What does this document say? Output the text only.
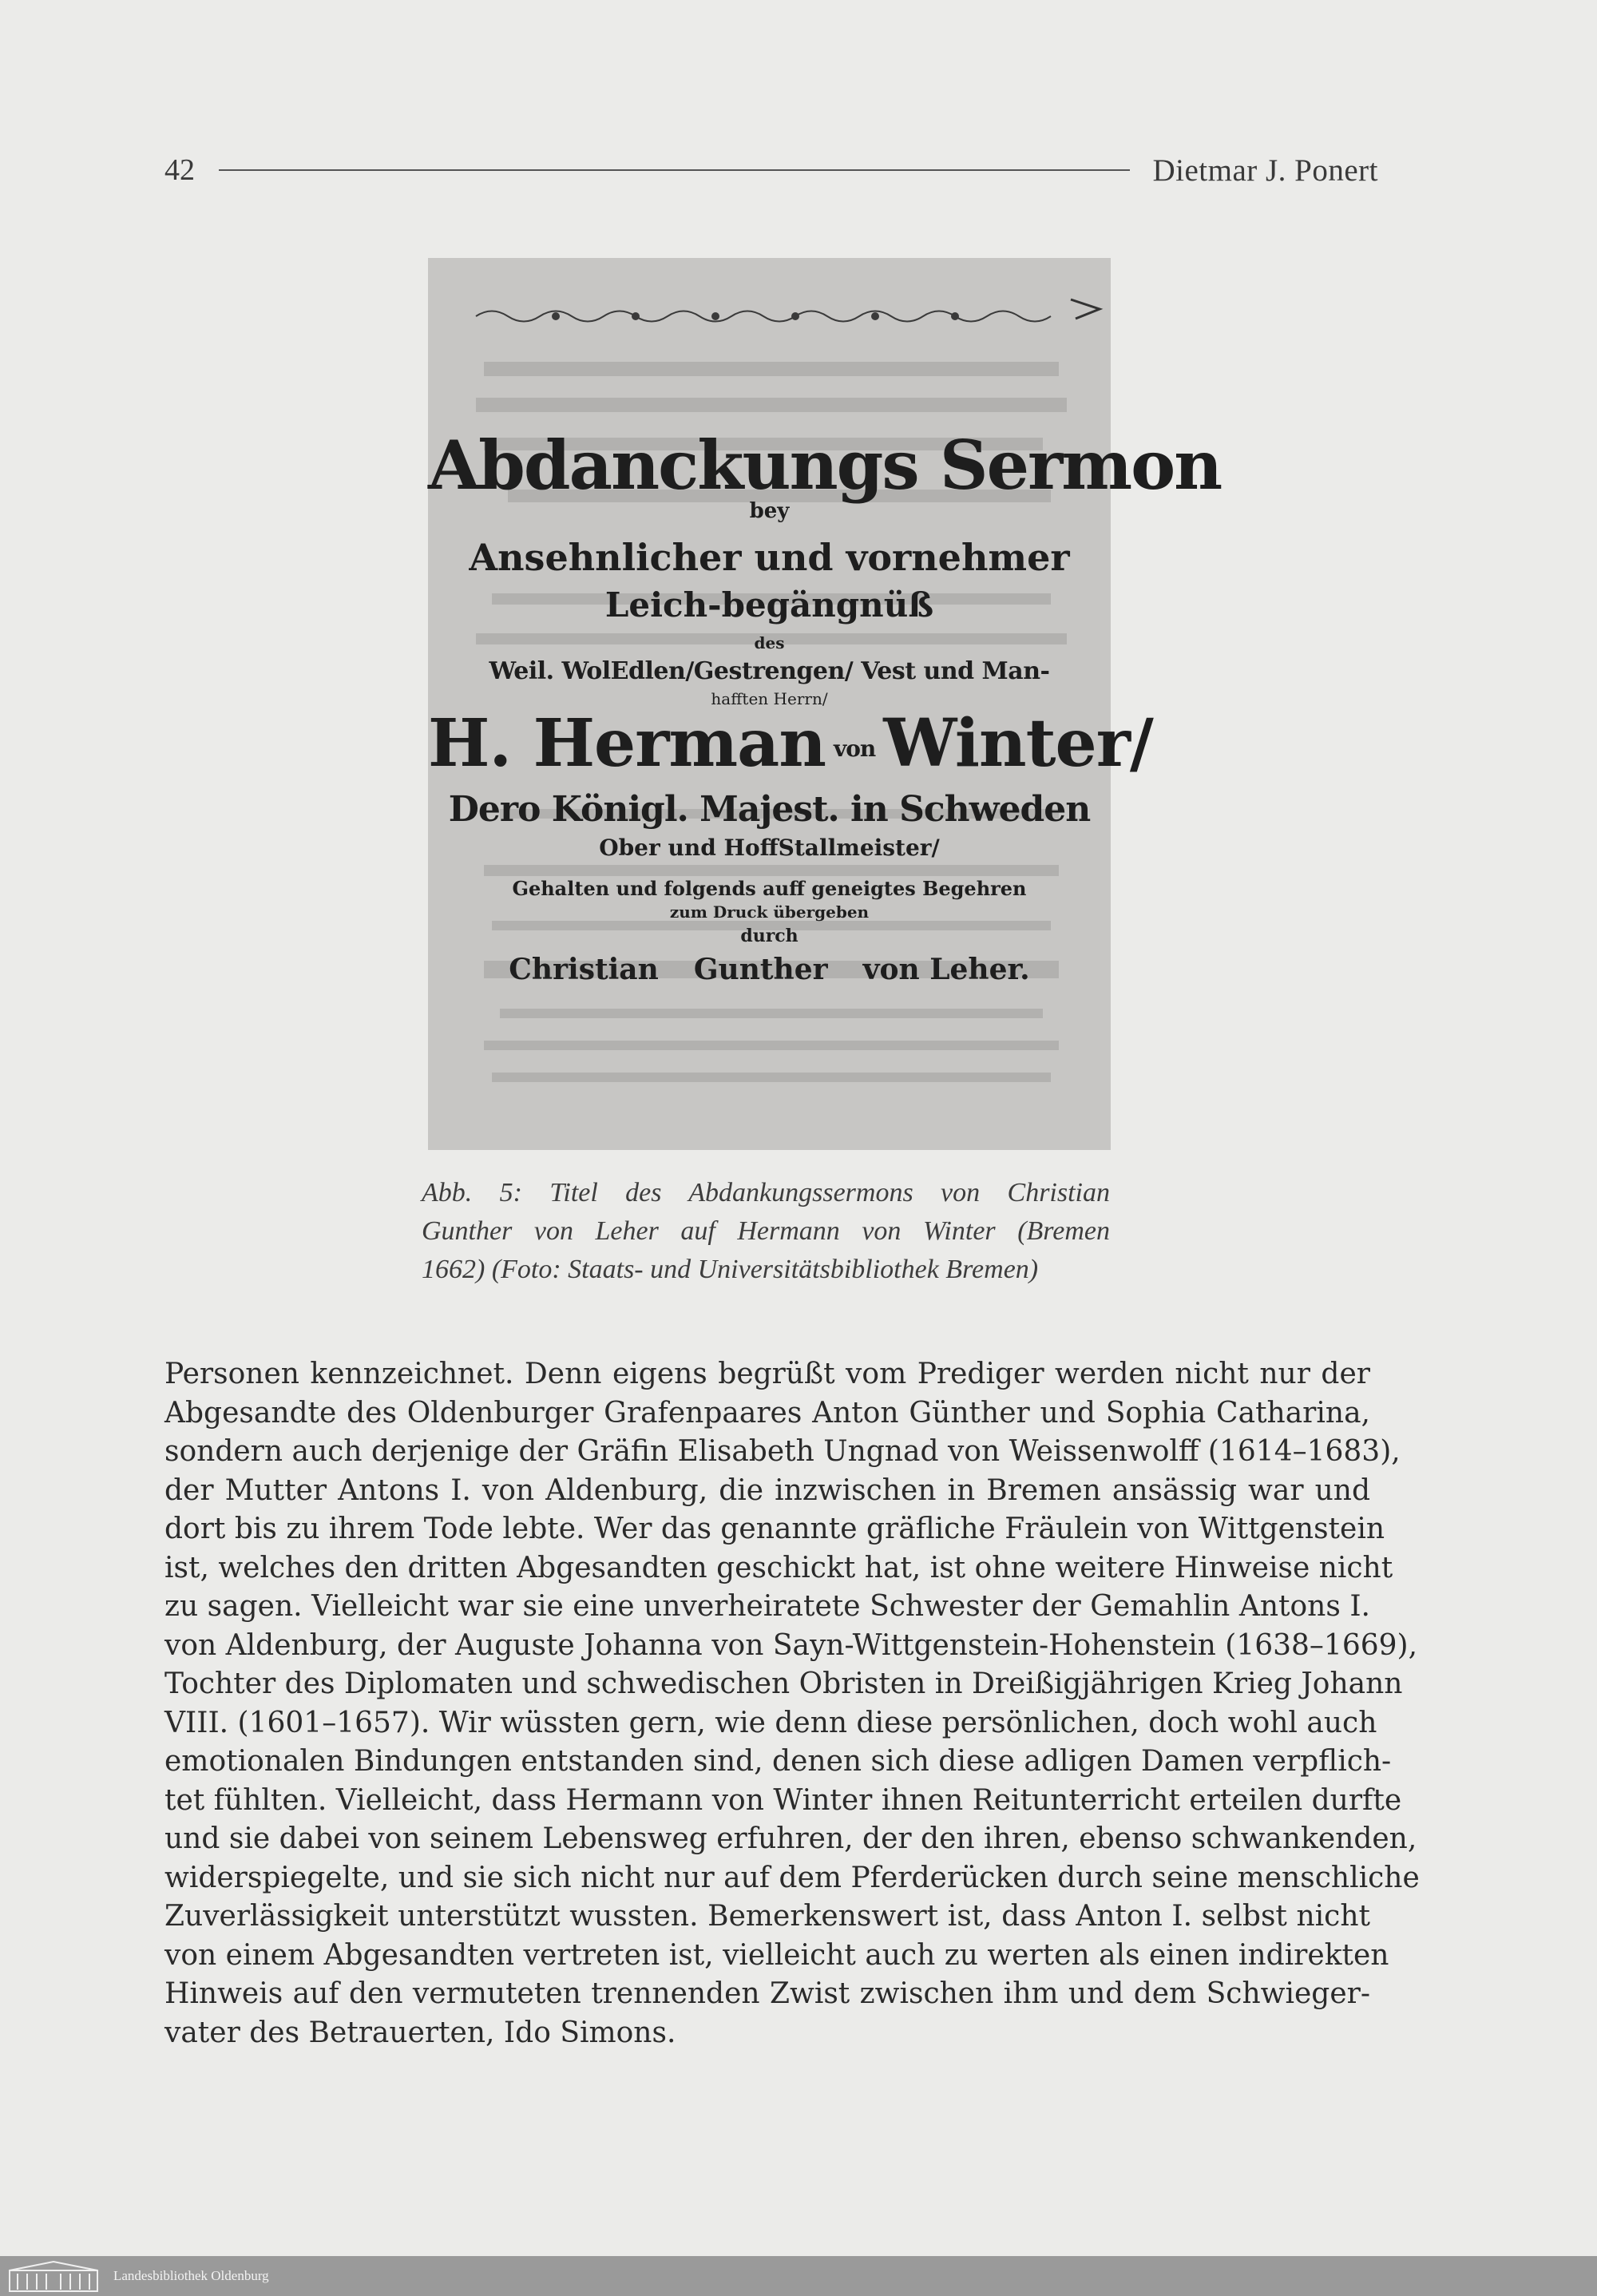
42	Dietmar J. Ponert
Abdanckungs Sermon
bey
Ansehnlicher und vornehmer
Leich-begängnüß
des
Weil. WolEdlen/Gestrengen/ Vest und Man-
hafften Herrn/
H. Herman von Winter/
Dero Königl. Majest. in Schweden
Ober und HoffStallmeister/
Gehalten und folgends auff geneigtes Begehren
zum Druck übergeben
durch
Christian Gunther von Leher.

Abb. 5: Titel des Abdankungssermons von Christian
Gunther von Leher auf Hermann von Winter (Bremen
1662) (Foto: Staats- und Universitätsbibliothek Bremen)

Personen kennzeichnet. Denn eigens begrüßt vom Prediger werden nicht nur der
Abgesandte des Oldenburger Grafenpaares Anton Günther und Sophia Catharina,
sondern auch derjenige der Gräfin Elisabeth Ungnad von Weissenwolff (1614–1683),
der Mutter Antons I. von Aldenburg, die inzwischen in Bremen ansässig war und
dort bis zu ihrem Tode lebte. Wer das genannte gräfliche Fräulein von Wittgenstein
ist, welches den dritten Abgesandten geschickt hat, ist ohne weitere Hinweise nicht
zu sagen. Vielleicht war sie eine unverheiratete Schwester der Gemahlin Antons I.
von Aldenburg, der Auguste Johanna von Sayn-Wittgenstein-Hohenstein (1638–1669),
Tochter des Diplomaten und schwedischen Obristen in Dreißigjährigen Krieg Johann
VIII. (1601–1657). Wir wüssten gern, wie denn diese persönlichen, doch wohl auch
emotionalen Bindungen entstanden sind, denen sich diese adligen Damen verpflich-
tet fühlten. Vielleicht, dass Hermann von Winter ihnen Reitunterricht erteilen durfte
und sie dabei von seinem Lebensweg erfuhren, der den ihren, ebenso schwankenden,
widerspiegelte, und sie sich nicht nur auf dem Pferderücken durch seine menschliche
Zuverlässigkeit unterstützt wussten. Bemerkenswert ist, dass Anton I. selbst nicht
von einem Abgesandten vertreten ist, vielleicht auch zu werten als einen indirekten
Hinweis auf den vermuteten trennenden Zwist zwischen ihm und dem Schwieger-
vater des Betrauerten, Ido Simons.

Landesbibliothek Oldenburg
